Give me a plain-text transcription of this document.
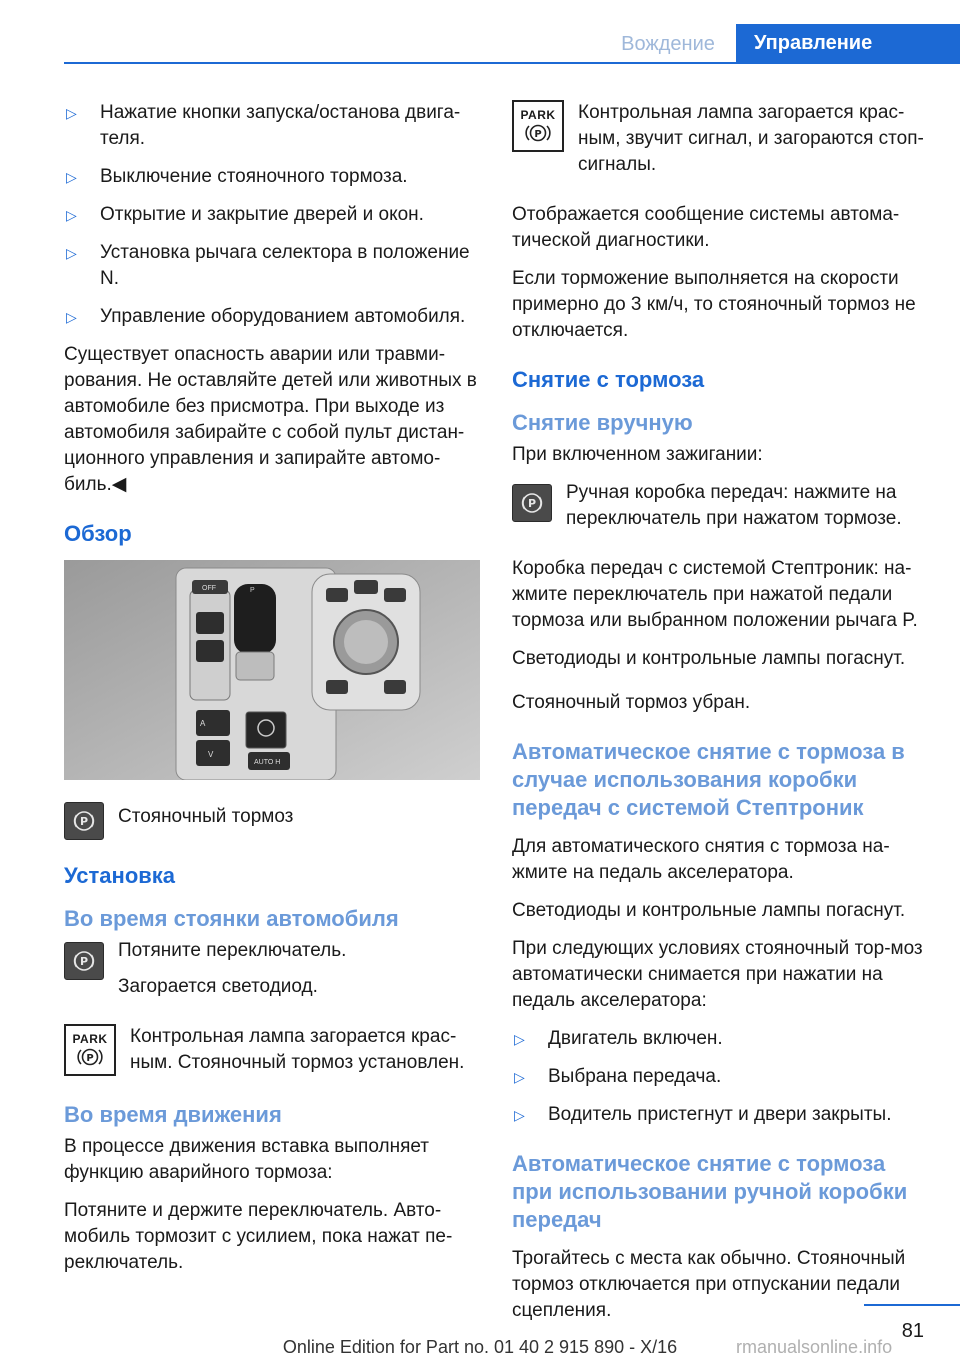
Вождение	Управление
▷	Нажатие кнопки запуска/останова двига-теля.
▷	Выключение стояночного тормоза.
▷	Открытие и закрытие дверей и окон.
▷	Установка рычага селектора в положение N.
▷	Управление оборудованием автомобиля.

Существует опасность аварии или травми-рования. Не оставляйте детей или животных в автомобиле без присмотра. При выходе из автомобиля забирайте с собой пульт дистан-ционного управления и запирайте автомо-биль.◀

Обзор
OFF	P
A
V
AUTO H
P Стояночный тормоз

Установка
Во время стоянки автомобиля
P

Потяните переключатель.

Загорается светодиод.

PARK
P

Контрольная лампа загорается крас-ным. Стояночный тормоз установлен.

Во время движения

В процессе движения вставка выполняет функцию аварийного тормоза:

Потяните и держите переключатель. Авто-мобиль тормозит с усилием, пока нажат пе-реключатель.

PARK
P

Контрольная лампа загорается крас-ным, звучит сигнал, и загораются стоп-сигналы.

Отображается сообщение системы автома-тической диагностики.

Если торможение выполняется на скорости примерно до 3 км/ч, то стояночный тормоз не отключается.

Снятие с тормоза
Снятие вручную

При включенном зажигании:

P

Ручная коробка передач: нажмите на переключатель при нажатом тормозе.

Коробка передач с системой Стептроник: на-жмите переключатель при нажатой педали тормоза или выбранном положении рычага P.

Светодиоды и контрольные лампы погаснут.

Стояночный тормоз убран.

Автоматическое снятие с тормоза в случае использования коробки передач с системой Стептроник

Для автоматического снятия с тормоза на-жмите на педаль акселератора.

Светодиоды и контрольные лампы погаснут.

При следующих условиях стояночный тор-моз автоматически снимается при нажатии на педаль акселератора:

▷	Двигатель включен.
▷	Выбрана передача.
▷	Водитель пристегнут и двери закрыты.
Автоматическое снятие с тормоза при использовании ручной коробки передач

Трогайтесь с места как обычно. Стояночный тормоз отключается при отпускании педали сцепления.

81
Online Edition for Part no. 01 40 2 915 890 - X/16	rmanualsonline.info
